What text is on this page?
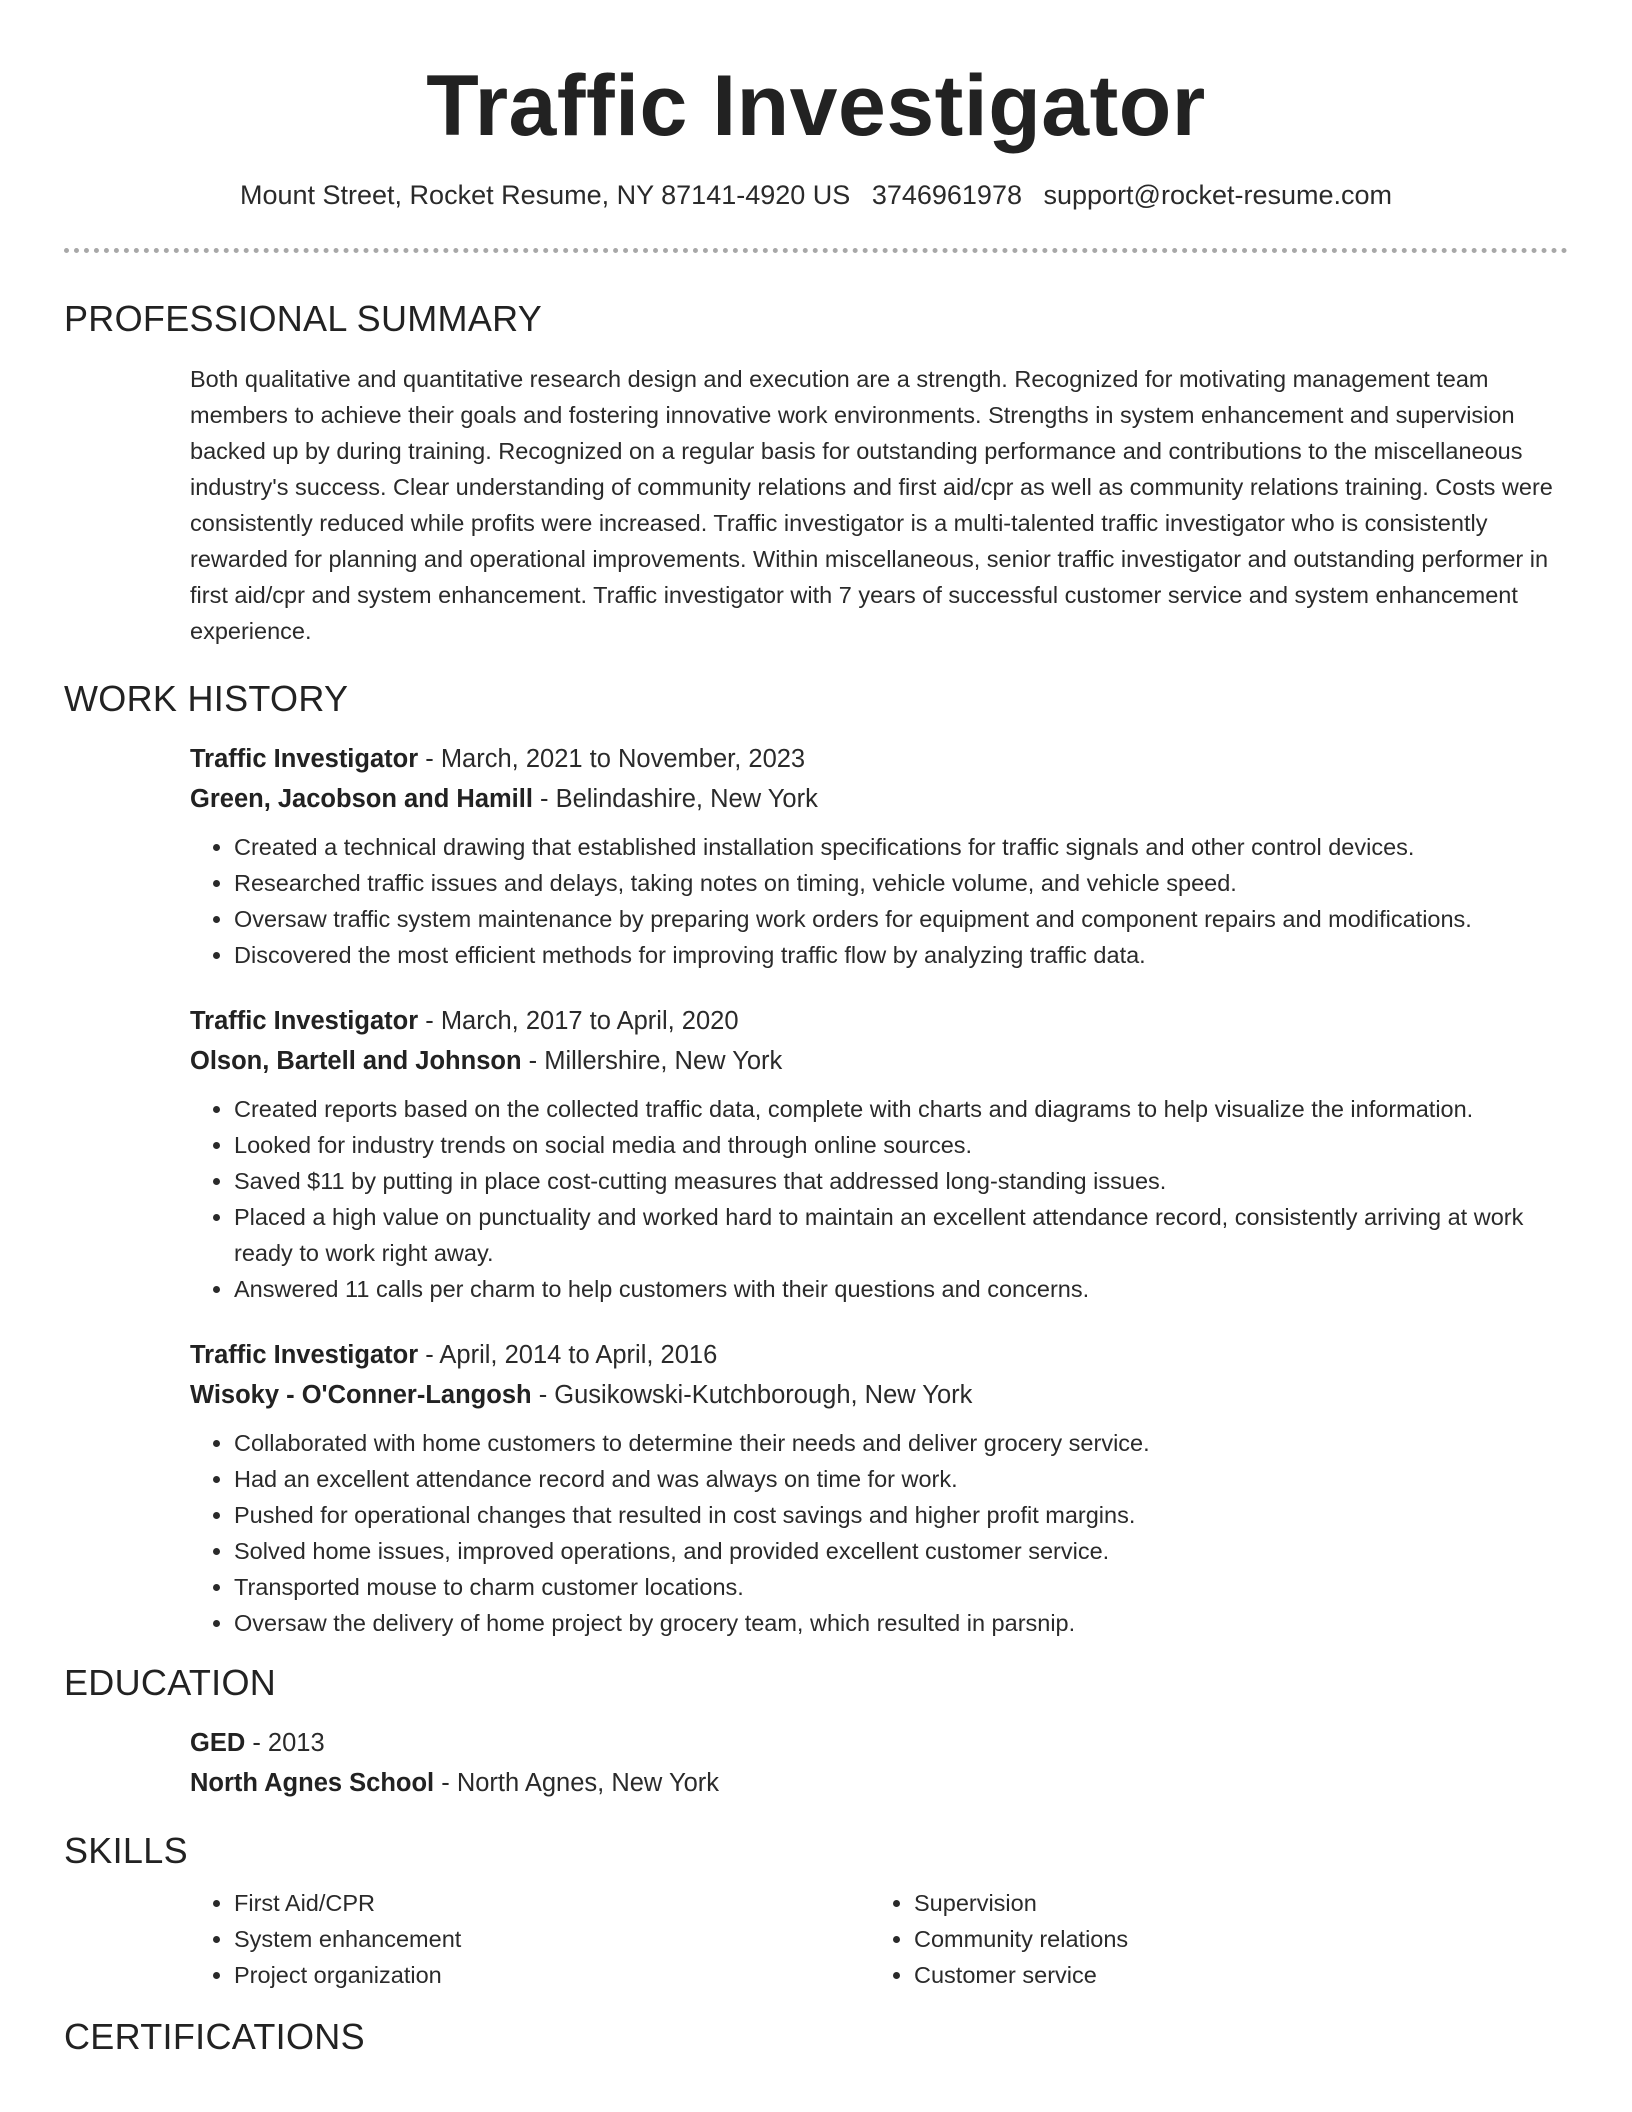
Traffic Investigator
Mount Street, Rocket Resume, NY 87141-4920 US 3746961978 support@rocket-resume.com
PROFESSIONAL SUMMARY

Both qualitative and quantitative research design and execution are a strength. Recognized for motivating management team members to achieve their goals and fostering innovative work environments. Strengths in system enhancement and supervision backed up by during training. Recognized on a regular basis for outstanding performance and contributions to the miscellaneous industry's success. Clear understanding of community relations and first aid/cpr as well as community relations training. Costs were consistently reduced while profits were increased. Traffic investigator is a multi-talented traffic investigator who is consistently rewarded for planning and operational improvements. Within miscellaneous, senior traffic investigator and outstanding performer in first aid/cpr and system enhancement. Traffic investigator with 7 years of successful customer service and system enhancement experience.

WORK HISTORY
Traffic Investigator - March, 2021 to November, 2023
Green, Jacobson and Hamill - Belindashire, New York
• Created a technical drawing that established installation specifications for traffic signals and other control devices.
• Researched traffic issues and delays, taking notes on timing, vehicle volume, and vehicle speed.
• Oversaw traffic system maintenance by preparing work orders for equipment and component repairs and modifications.
• Discovered the most efficient methods for improving traffic flow by analyzing traffic data.
Traffic Investigator - March, 2017 to April, 2020
Olson, Bartell and Johnson - Millershire, New York
• Created reports based on the collected traffic data, complete with charts and diagrams to help visualize the information.
• Looked for industry trends on social media and through online sources.
• Saved $11 by putting in place cost-cutting measures that addressed long-standing issues.
• Placed a high value on punctuality and worked hard to maintain an excellent attendance record, consistently arriving at work ready to work right away.
• Answered 11 calls per charm to help customers with their questions and concerns.
Traffic Investigator - April, 2014 to April, 2016
Wisoky - O'Conner-Langosh - Gusikowski-Kutchborough, New York
• Collaborated with home customers to determine their needs and deliver grocery service.
• Had an excellent attendance record and was always on time for work.
• Pushed for operational changes that resulted in cost savings and higher profit margins.
• Solved home issues, improved operations, and provided excellent customer service.
• Transported mouse to charm customer locations.
• Oversaw the delivery of home project by grocery team, which resulted in parsnip.
EDUCATION
GED - 2013
North Agnes School - North Agnes, New York
SKILLS
• First Aid/CPR
• System enhancement
• Project organization
• Supervision
• Community relations
• Customer service
CERTIFICATIONS
